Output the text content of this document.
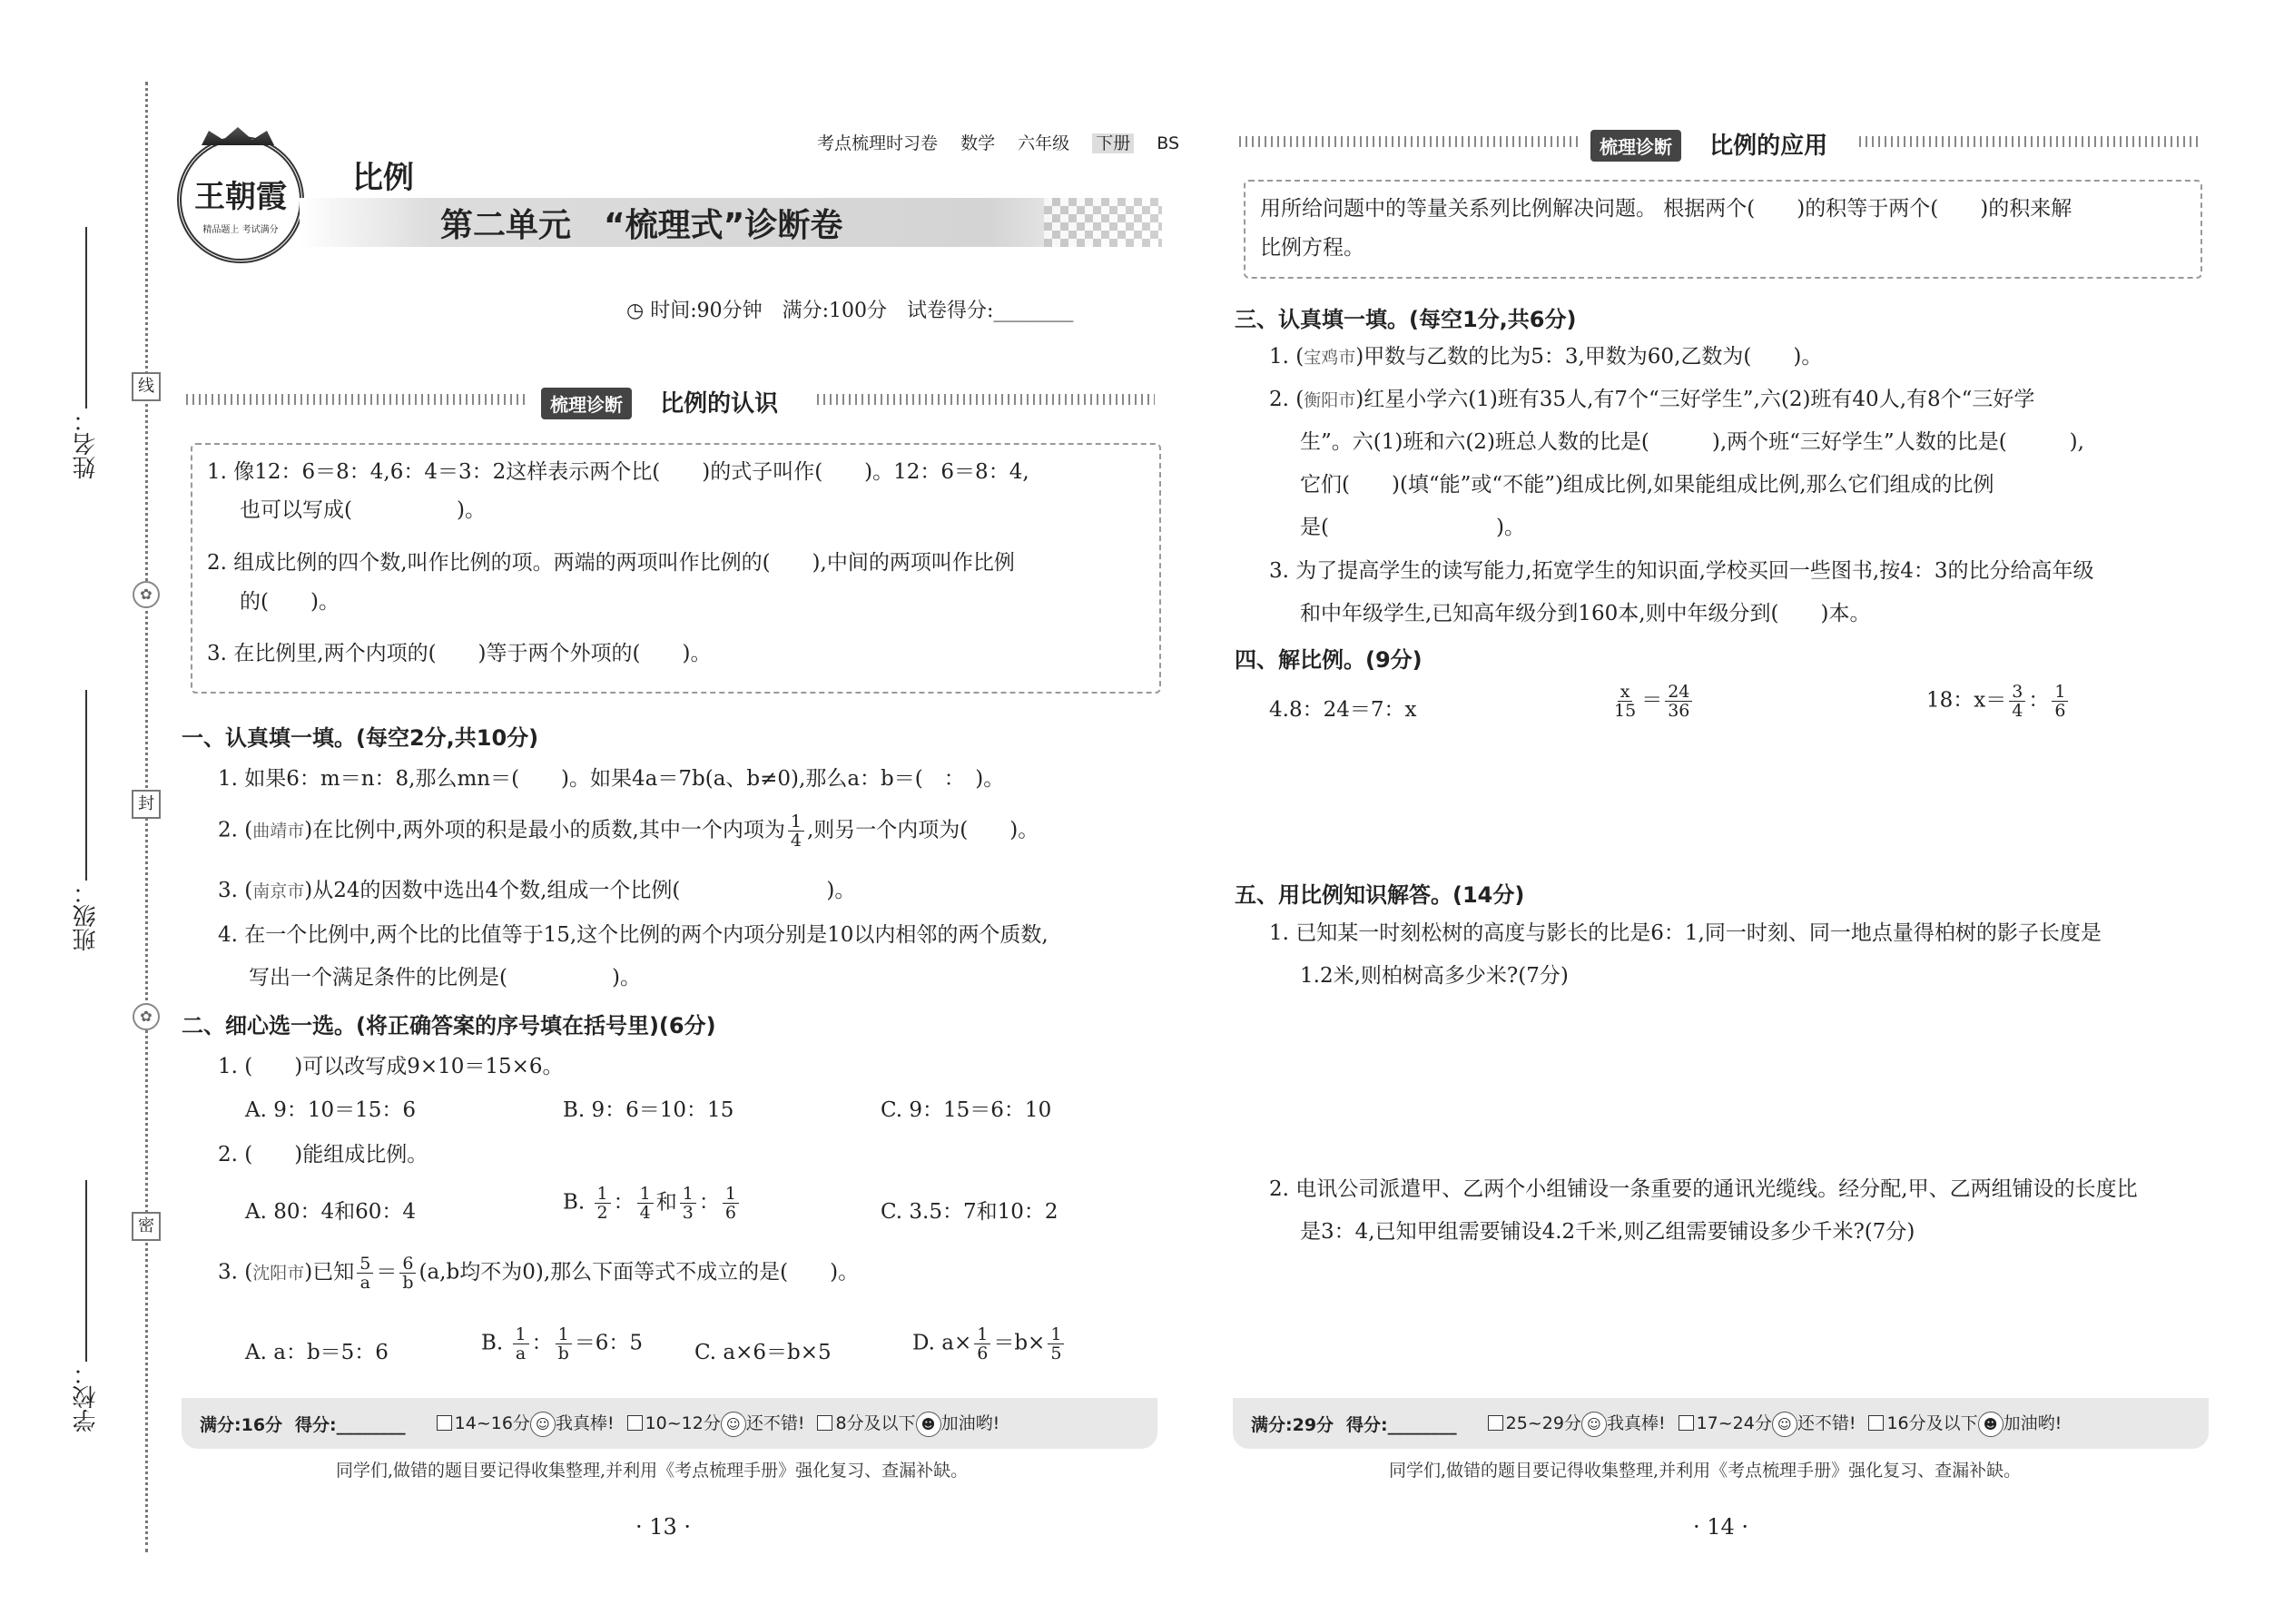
姓名：
班级：
学校：
线
封
密
✿
✿
王朝霞
精品题上 考试满分
考点梳理时习卷　 数学　 六年级　 下册　 BS
比例
第二单元　“梳理式”诊断卷
◷ 时间:90分钟　满分:100分　试卷得分:________
梳理诊断 比例的认识
1. 像12：6＝8：4,6：4＝3：2这样表示两个比(　　)的式子叫作(　　)。12：6＝8：4,
也可以写成(　　　　　)。
2. 组成比例的四个数,叫作比例的项。两端的两项叫作比例的(　　),中间的两项叫作比例
的(　　)。
3. 在比例里,两个内项的(　　)等于两个外项的(　　)。
一、认真填一填。(每空2分,共10分)
1. 如果6：m＝n：8,那么mn＝(　　)。如果4a＝7b(a、b≠0),那么a：b＝(　：　)。
2. (曲靖市)在比例中,两外项的积是最小的质数,其中一个内项为 $\frac{1}{4}$ ,则另一个内项为(　　)。
3. (南京市)从24的因数中选出4个数,组成一个比例(　　　　　　　)。
4. 在一个比例中,两个比的比值等于15,这个比例的两个内项分别是10以内相邻的两个质数,
写出一个满足条件的比例是(　　　　　)。
二、细心选一选。(将正确答案的序号填在括号里)(6分)
1. (　　)可以改写成9×10＝15×6。
A. 9：10＝15：6	B. 9：6＝10：15	C. 9：15＝6：10
2. (　　)能组成比例。
A. 80：4和60：4	B. $\frac{1}{2}$ ： $\frac{1}{4}$ 和 $\frac{1}{3}$ ： $\frac{1}{6}$	C. 3.5：7和10：2
3. (沈阳市)已知 $\frac{5}{a} = \frac{6}{b} (a,b$均不为0),那么下面等式不成立的是(　　)。
A. a：b＝5：6	B. $\frac{1}{a}$ ： $\frac{1}{b} =6$：5 C. a×6＝b×5	D. $a\times \frac{1}{6} =b\times \frac{1}{5}$
满分:16分 得分:________	14~16分 ☺ 我真棒!	10~12分 ☺ 还不错!	8分及以下 ☻ 加油哟!
同学们,做错的题目要记得收集整理,并利用《考点梳理手册》强化复习、查漏补缺。
· 13 ·
梳理诊断 比例的应用
用所给问题中的等量关系列比例解决问题。 根据两个(　　)的积等于两个(　　)的积来解
比例方程。
三、认真填一填。(每空1分,共6分)
1. (宝鸡市)甲数与乙数的比为5：3,甲数为60,乙数为(　　)。
2. (衡阳市)红星小学六(1)班有35人,有7个“三好学生”,六(2)班有40人,有8个“三好学
生”。六(1)班和六(2)班总人数的比是(　　　),两个班“三好学生”人数的比是(　　　),
它们(　　)(填“能”或“不能”)组成比例,如果能组成比例,那么它们组成的比例
是(　　　　　　　　)。
3. 为了提高学生的读写能力,拓宽学生的知识面,学校买回一些图书,按4：3的比分给高年级
和中年级学生,已知高年级分到160本,则中年级分到(　　)本。
四、解比例。(9分)
4.8：24＝7：x	$\frac{x}{15} = \frac{24}{36}$	18：$x= \frac{3}{4}$ ： $\frac{1}{6}$
五、用比例知识解答。(14分)
1. 已知某一时刻松树的高度与影长的比是6：1,同一时刻、同一地点量得柏树的影子长度是
1.2米,则柏树高多少米?(7分)
2. 电讯公司派遣甲、乙两个小组铺设一条重要的通讯光缆线。经分配,甲、乙两组铺设的长度比
是3：4,已知甲组需要铺设4.2千米,则乙组需要铺设多少千米?(7分)
满分:29分 得分:________	25~29分 ☺ 我真棒!	17~24分 ☺ 还不错!	16分及以下 ☻ 加油哟!
同学们,做错的题目要记得收集整理,并利用《考点梳理手册》强化复习、查漏补缺。
· 14 ·
